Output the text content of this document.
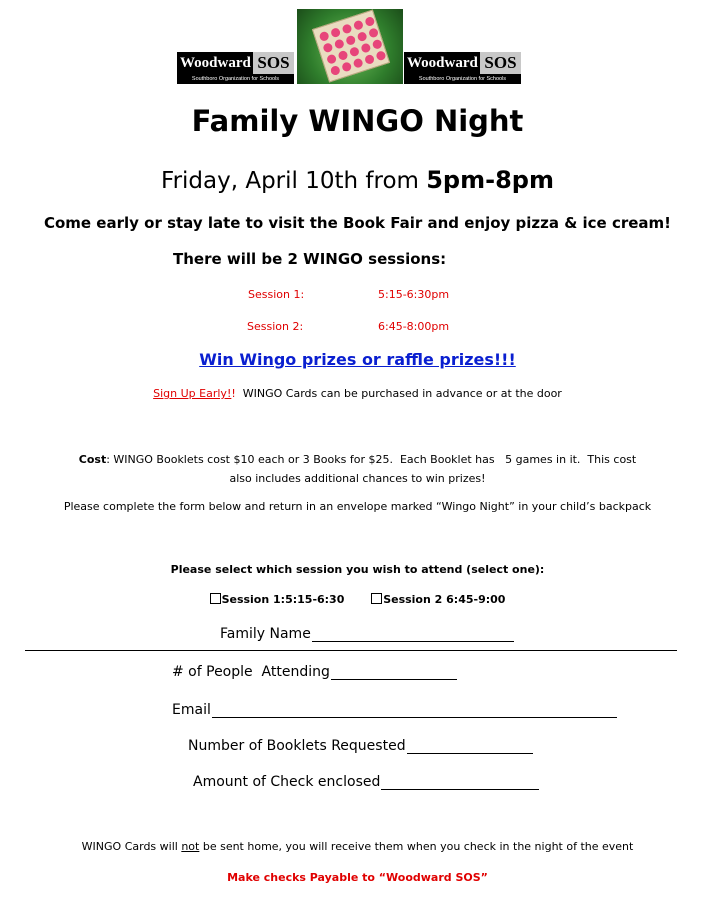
Woodward SOS
Southboro Organization for Schools
Woodward SOS
Southboro Organization for Schools
Family WINGO Night
Friday, April 10th from 5pm-8pm
Come early or stay late to visit the Book Fair and enjoy pizza & ice cream!
There will be 2 WINGO sessions:
Session 1:	5:15-6:30pm
Session 2:	6:45-8:00pm
Win Wingo prizes or raffle prizes!!!
Sign Up Early!!  WINGO Cards can be purchased in advance or at the door
Cost: WINGO Booklets cost $10 each or 3 Books for $25.  Each Booklet has   5 games in it.  This cost
also includes additional chances to win prizes!
Please complete the form below and return in an envelope marked “Wingo Night” in your child’s backpack
Please select which session you wish to attend (select one):
Session 1:5:15-6:30	Session 2 6:45-9:00
Family Name
# of People  Attending
Email
Number of Booklets Requested
Amount of Check enclosed
WINGO Cards will not be sent home, you will receive them when you check in the night of the event
Make checks Payable to “Woodward SOS”
